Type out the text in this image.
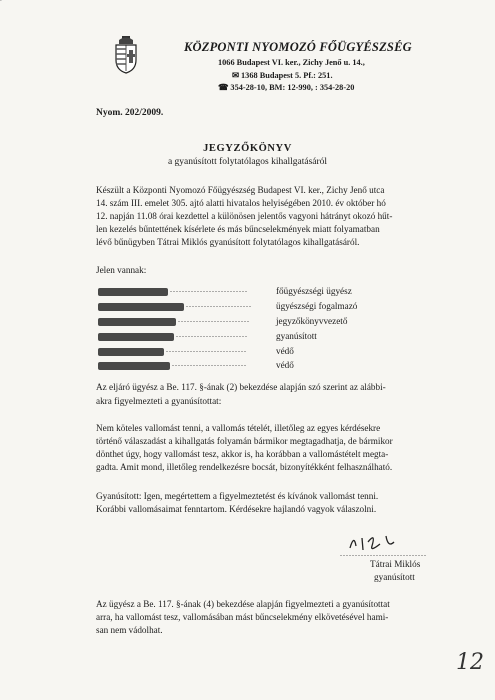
KÖZPONTI NYOMOZÓ FŐÜGYÉSZSÉG
1066 Budapest VI. ker., Zichy Jenő u. 14.,
✉ 1368 Budapest 5. Pf.: 251.
☎ 354-28-10, BM: 12-990, : 354-28-20
Nyom. 202/2009.
JEGYZŐKÖNYV
a gyanúsított folytatólagos kihallgatásáról
Készült a Központi Nyomozó Főügyészség Budapest VI. ker., Zichy Jenő utca
14. szám III. emelet 305. ajtó alatti hivatalos helyiségében 2010. év október hó
12. napján 11.08 órai kezdettel a különösen jelentős vagyoni hátrányt okozó hűt-
len kezelés bűntettének kísérlete és más bűncselekmények miatt folyamatban
lévő bűnügyben Tátrai Miklós gyanúsított folytatólagos kihallgatásáról.
Jelen vannak:
..........................
......................
........................
........................
...........................
.........................
főügyészségi ügyész
ügyészségi fogalmazó
jegyzőkönyvvezető
gyanúsított
védő
védő
Az eljáró ügyész a Be. 117. §-ának (2) bekezdése alapján szó szerint az alábbi-
akra figyelmezteti a gyanúsítottat:
Nem köteles vallomást tenni, a vallomás tételét, illetőleg az egyes kérdésekre
történő válaszadást a kihallgatás folyamán bármikor megtagadhatja, de bármikor
dönthet úgy, hogy vallomást tesz, akkor is, ha korábban a vallomástételt megta-
gadta. Amit mond, illetőleg rendelkezésre bocsát, bizonyítékként felhasználható.
Gyanúsított: Igen, megértettem a figyelmeztetést és kívánok vallomást tenni.
Korábbi vallomásaimat fenntartom. Kérdésekre hajlandó vagyok válaszolni.
.............................
Tátrai Miklós
gyanúsított
Az ügyész a Be. 117. §-ának (4) bekezdése alapján figyelmezteti a gyanúsítottat
arra, ha vallomást tesz, vallomásában mást bűncselekmény elkövetésével hami-
san nem vádolhat.
12
